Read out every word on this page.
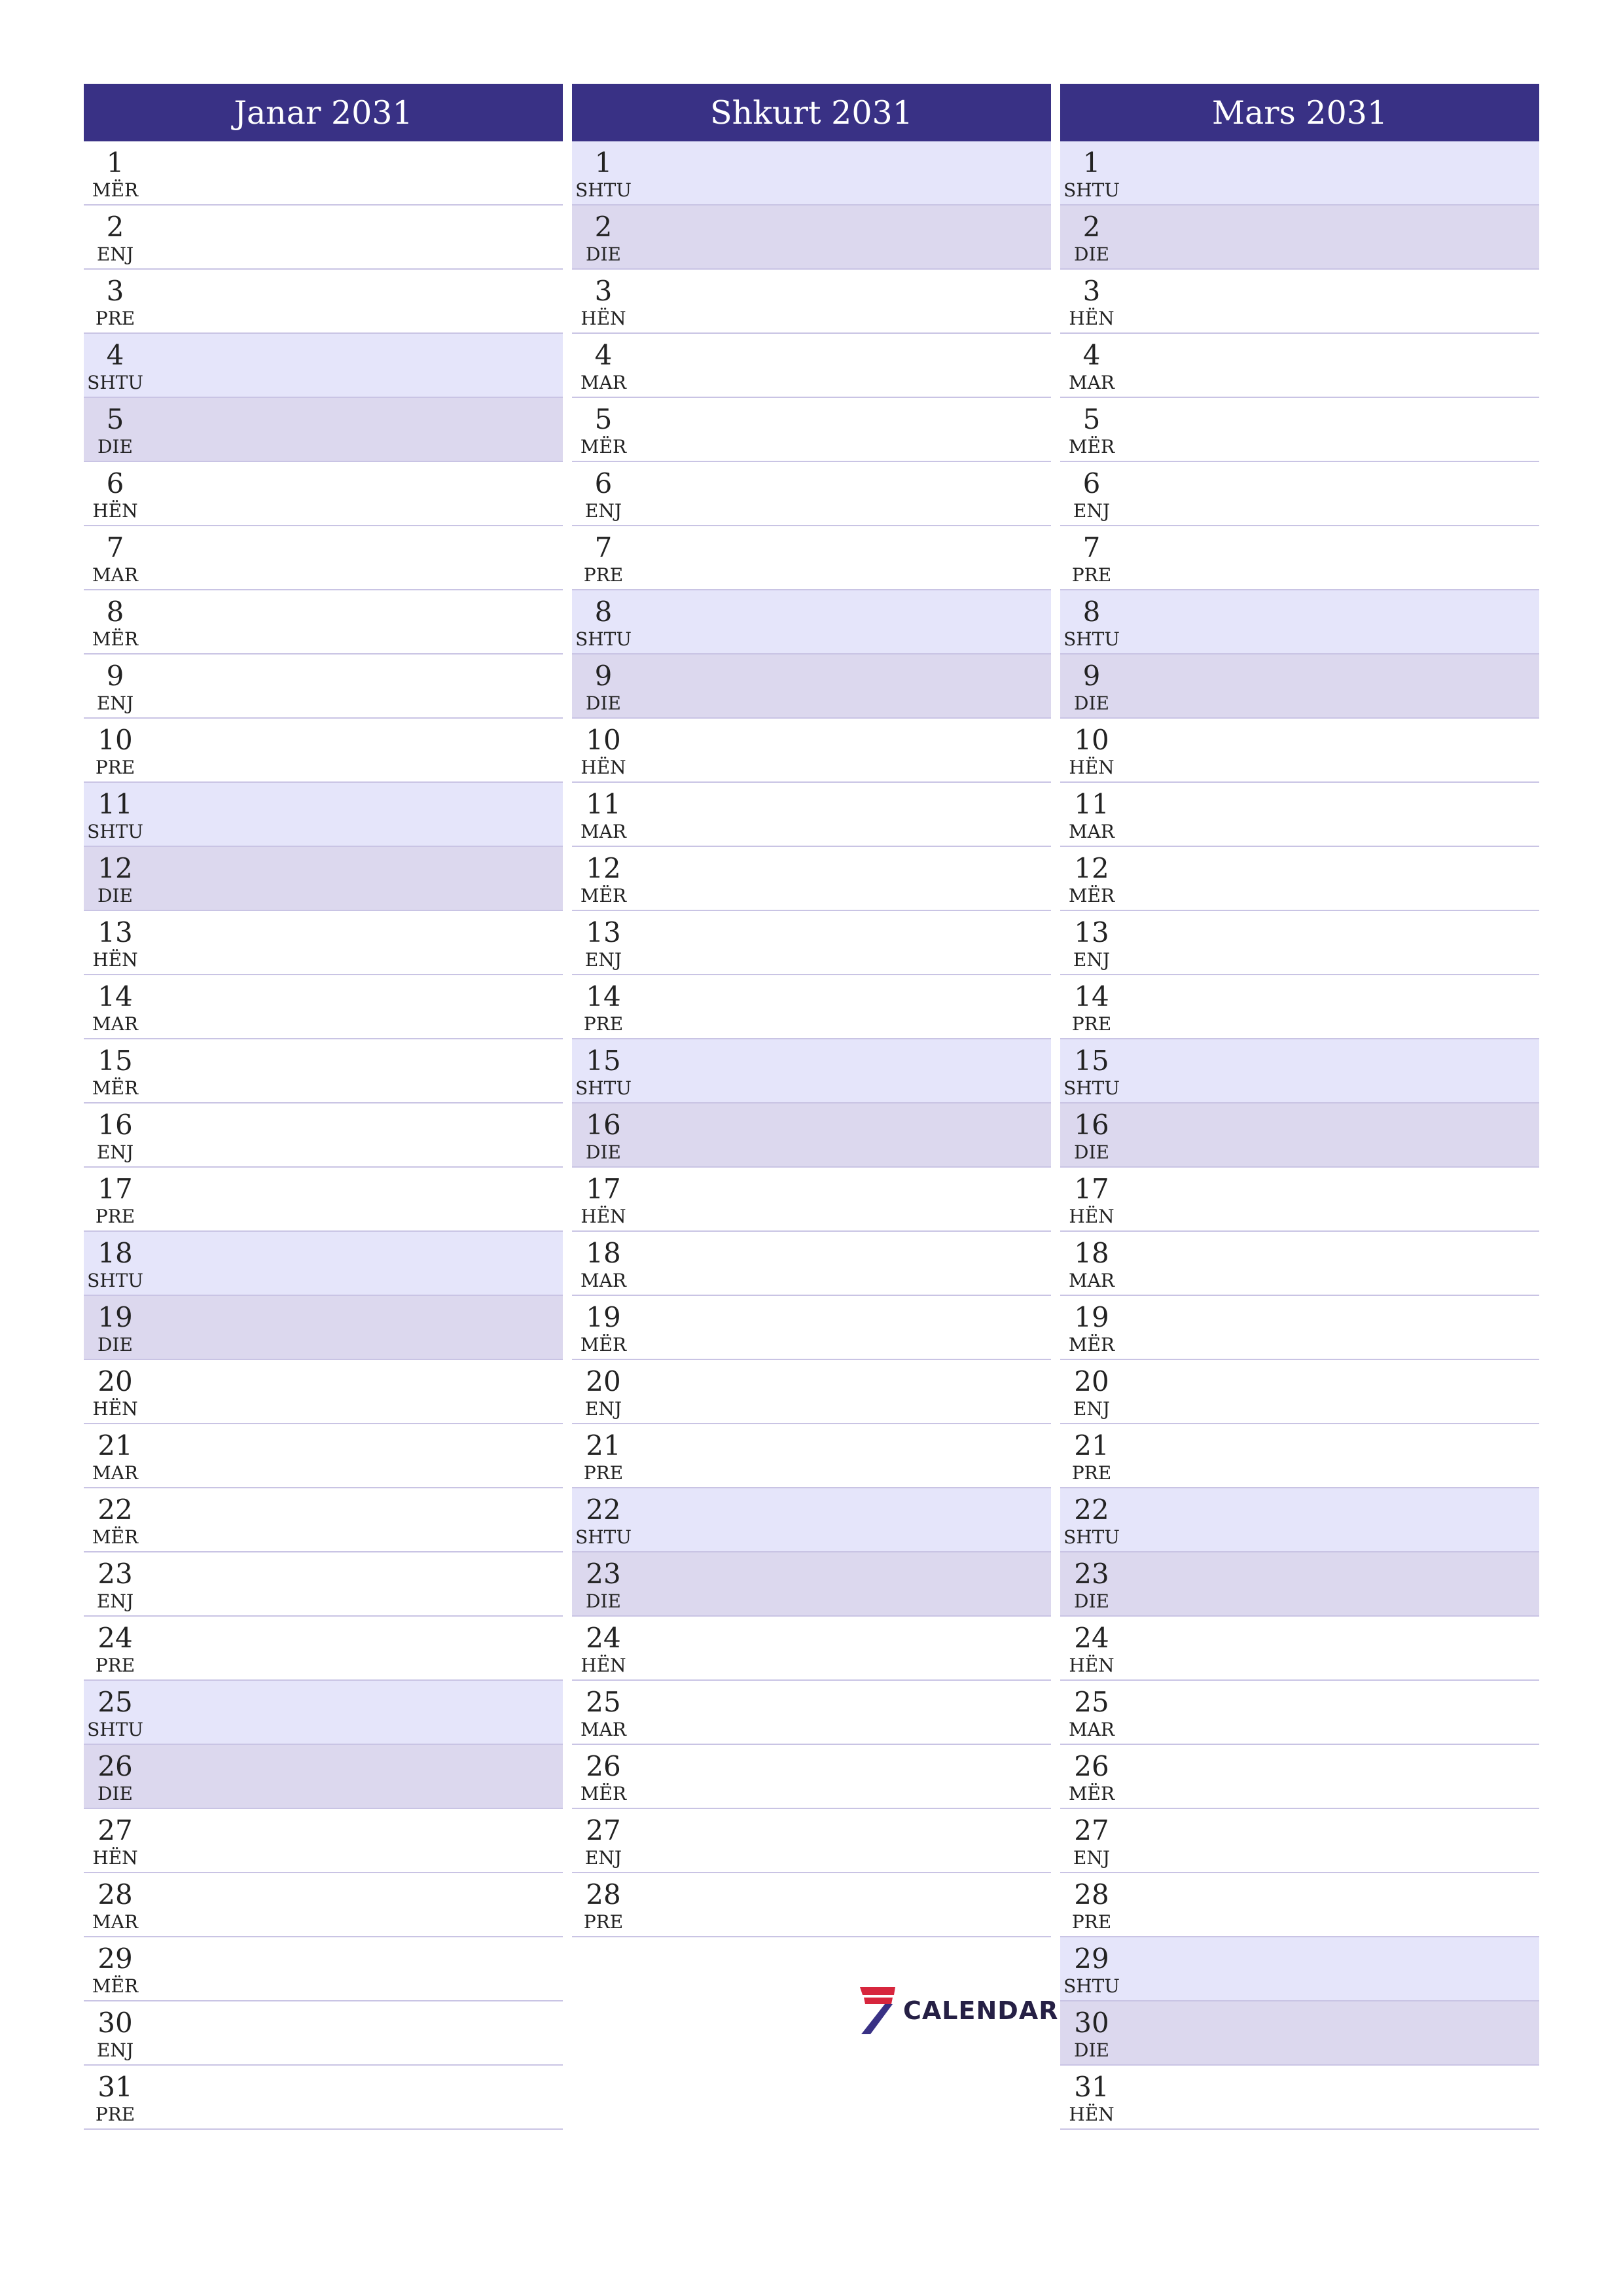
Janar 2031
1
MËR
2
ENJ
3
PRE
4
SHTU
5
DIE
6
HËN
7
MAR
8
MËR
9
ENJ
10
PRE
11
SHTU
12
DIE
13
HËN
14
MAR
15
MËR
16
ENJ
17
PRE
18
SHTU
19
DIE
20
HËN
21
MAR
22
MËR
23
ENJ
24
PRE
25
SHTU
26
DIE
27
HËN
28
MAR
29
MËR
30
ENJ
31
PRE
Shkurt 2031
1
SHTU
2
DIE
3
HËN
4
MAR
5
MËR
6
ENJ
7
PRE
8
SHTU
9
DIE
10
HËN
11
MAR
12
MËR
13
ENJ
14
PRE
15
SHTU
16
DIE
17
HËN
18
MAR
19
MËR
20
ENJ
21
PRE
22
SHTU
23
DIE
24
HËN
25
MAR
26
MËR
27
ENJ
28
PRE
Mars 2031
1
SHTU
2
DIE
3
HËN
4
MAR
5
MËR
6
ENJ
7
PRE
8
SHTU
9
DIE
10
HËN
11
MAR
12
MËR
13
ENJ
14
PRE
15
SHTU
16
DIE
17
HËN
18
MAR
19
MËR
20
ENJ
21
PRE
22
SHTU
23
DIE
24
HËN
25
MAR
26
MËR
27
ENJ
28
PRE
29
SHTU
30
DIE
31
HËN
CALENDAR
